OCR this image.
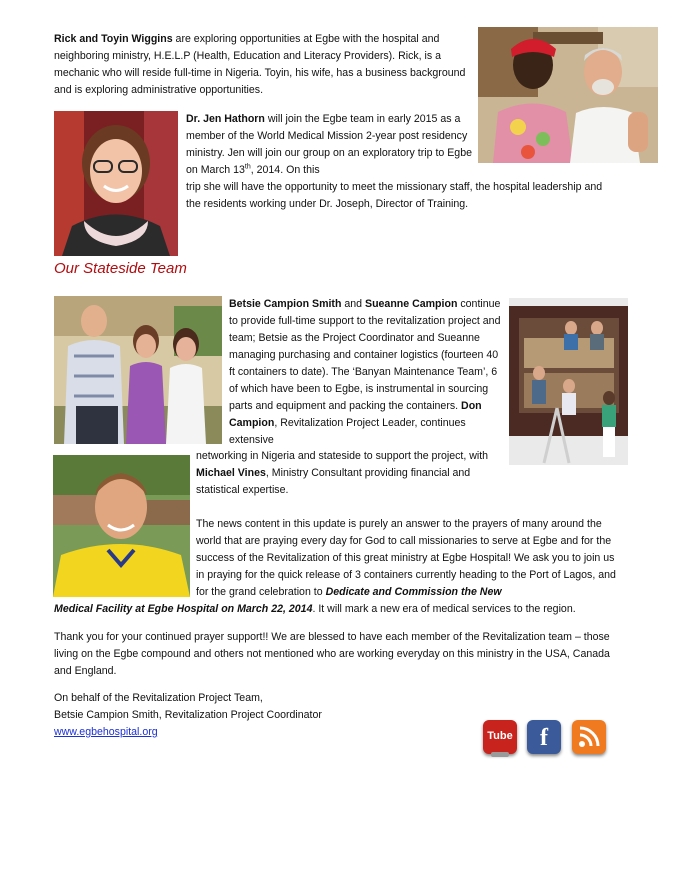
Rick and Toyin Wiggins are exploring opportunities at Egbe with the hospital and neighboring ministry, H.E.L.P (Health, Education and Literacy Providers). Rick, is a mechanic who will reside full-time in Nigeria. Toyin, his wife, has a business background and is exploring administrative opportunities.

Dr. Jen Hathorn will join the Egbe team in early 2015 as a member of the World Medical Mission 2-year post residency ministry. Jen will join our group on an exploratory trip to Egbe on March 13th, 2014. On this

trip she will have the opportunity to meet the missionary staff, the hospital leadership and the residents working under Dr. Joseph, Director of Training.

Our Stateside Team

Betsie Campion Smith and Sueanne Campion continue to provide full-time support to the revitalization project and team; Betsie as the Project Coordinator and Sueanne managing purchasing and container logistics (fourteen 40 ft containers to date). The ‘Banyan Maintenance Team’, 6 of which have been to Egbe, is instrumental in sourcing parts and equipment and packing the containers. Don Campion, Revitalization Project Leader, continues extensive

networking in Nigeria and stateside to support the project, with Michael Vines, Ministry Consultant providing financial and statistical expertise.

The news content in this update is purely an answer to the prayers of many around the world that are praying every day for God to call missionaries to serve at Egbe and for the success of the Revitalization of this great ministry at Egbe Hospital! We ask you to join us in praying for the quick release of 3 containers currently heading to the Port of Lagos, and for the grand celebration to Dedicate and Commission the New

Medical Facility at Egbe Hospital on March 22, 2014. It will mark a new era of medical services to the region.

Thank you for your continued prayer support!! We are blessed to have each member of the Revitalization team – those living on the Egbe compound and others not mentioned who are working everyday on this ministry in the USA, Canada and England.

On behalf of the Revitalization Project Team,

Betsie Campion Smith, Revitalization Project Coordinator

www.egbehospital.org	Tube	f
